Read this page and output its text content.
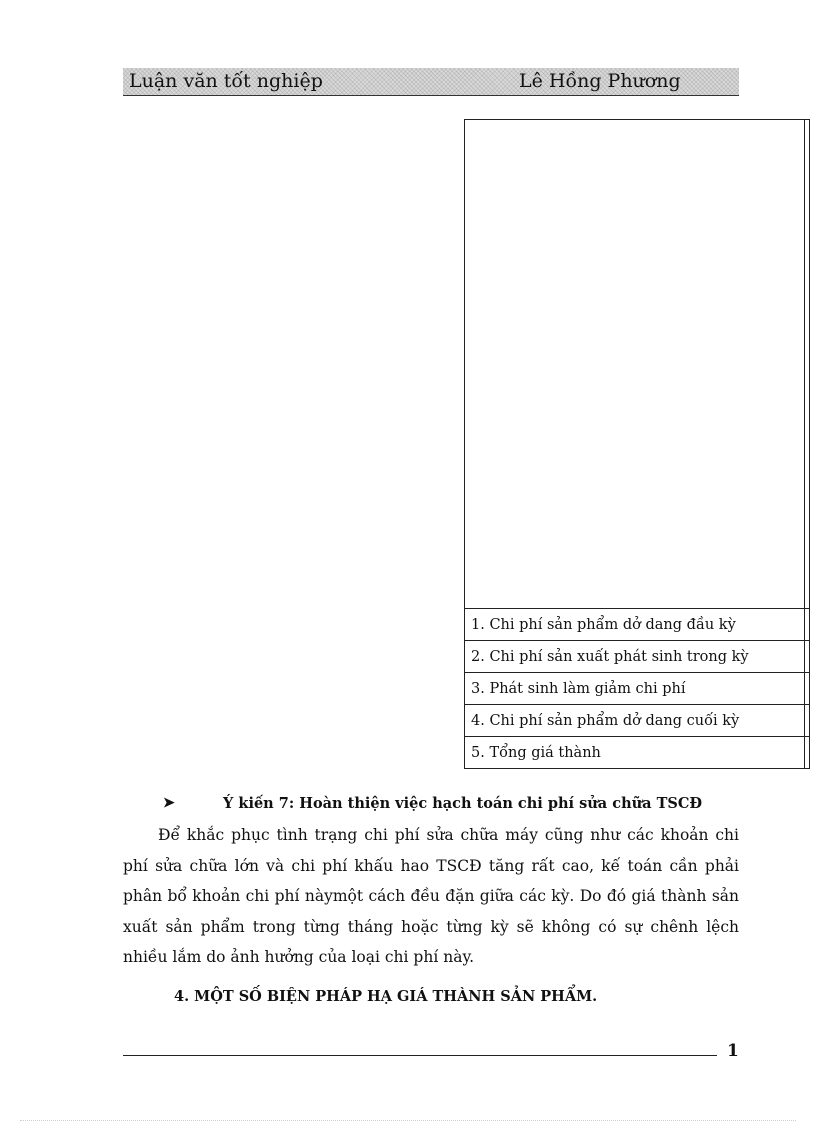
Luận văn tốt nghiệp	Lê Hồng Phương

1. Chi phí sản phẩm dở dang đầu kỳ	
2. Chi phí sản xuất phát sinh trong kỳ	
3. Phát sinh làm giảm chi phí	
4. Chi phí sản phẩm dở dang cuối kỳ	
5. Tổng giá thành	
➤	Ý kiến 7: Hoàn thiện việc hạch toán chi phí sửa chữa TSCĐ
Để khắc phục tình trạng chi phí sửa chữa máy cũng như các khoản chi phí sửa chữa lớn và chi phí khấu hao TSCĐ tăng rất cao, kế toán cần phải phân bổ khoản chi phí nàymột cách đều đặn giữa các kỳ. Do đó giá thành sản xuất sản phẩm trong từng tháng hoặc từng kỳ sẽ không có sự chênh lệch nhiều lắm do ảnh hưởng của loại chi phí này.
4. MỘT SỐ BIỆN PHÁP HẠ GIÁ THÀNH SẢN PHẨM.
1
